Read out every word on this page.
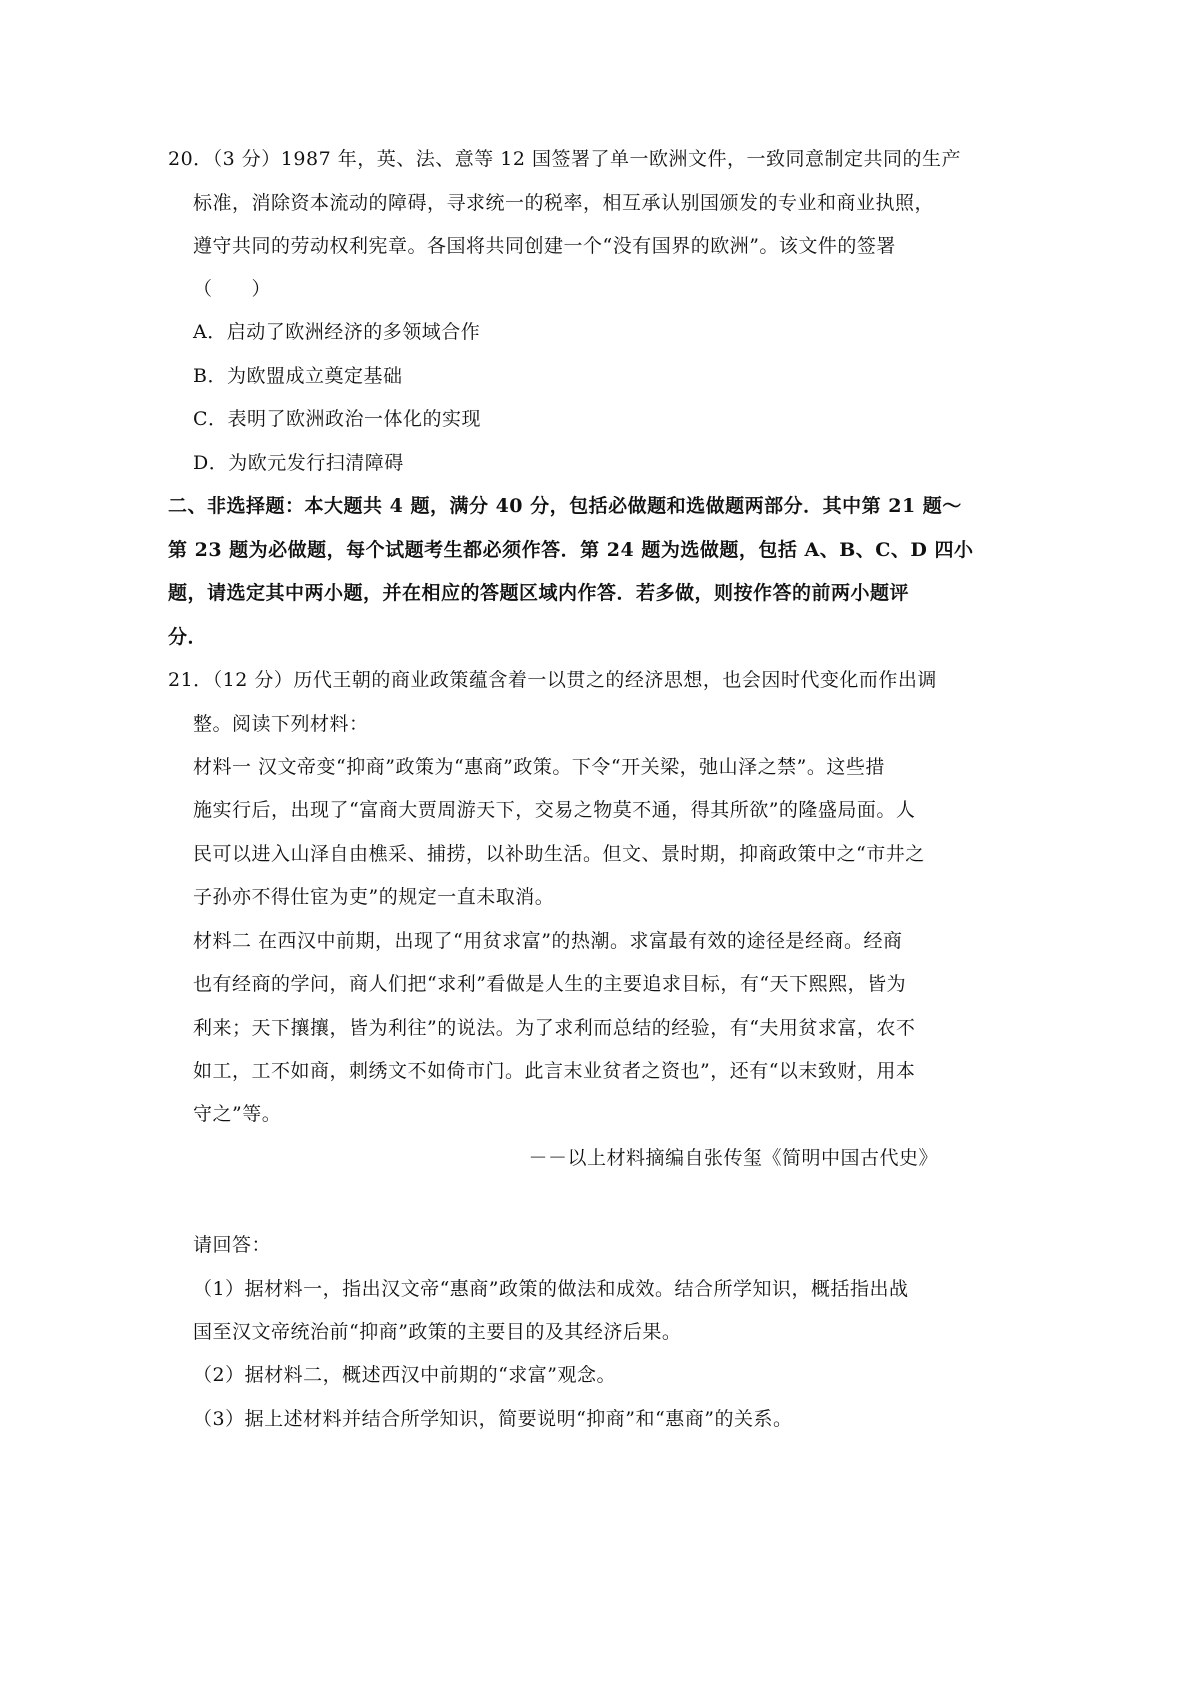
20．（3 分）1987 年，英、法、意等 12 国签署了单一欧洲文件，一致同意制定共同的生产
标准，消除资本流动的障碍，寻求统一的税率，相互承认别国颁发的专业和商业执照，
遵守共同的劳动权利宪章。各国将共同创建一个“没有国界的欧洲”。该文件的签署
（　　）
A．启动了欧洲经济的多领域合作
B．为欧盟成立奠定基础
C．表明了欧洲政治一体化的实现
D．为欧元发行扫清障碍
二、非选择题：本大题共 4 题，满分 40 分，包括必做题和选做题两部分．其中第 21 题～
第 23 题为必做题，每个试题考生都必须作答．第 24 题为选做题，包括 A、B、C、D 四小
题，请选定其中两小题，并在相应的答题区域内作答．若多做，则按作答的前两小题评
分．
21．（12 分）历代王朝的商业政策蕴含着一以贯之的经济思想，也会因时代变化而作出调
整。阅读下列材料：
材料一 汉文帝变“抑商”政策为“惠商”政策。下令“开关梁，弛山泽之禁”。这些措
施实行后，出现了“富商大贾周游天下，交易之物莫不通，得其所欲”的隆盛局面。人
民可以进入山泽自由樵采、捕捞，以补助生活。但文、景时期，抑商政策中之“市井之
子孙亦不得仕宦为吏”的规定一直未取消。
材料二 在西汉中前期，出现了“用贫求富”的热潮。求富最有效的途径是经商。经商
也有经商的学问，商人们把“求利”看做是人生的主要追求目标，有“天下熙熙，皆为
利来；天下攘攘，皆为利往”的说法。为了求利而总结的经验，有“夫用贫求富，农不
如工，工不如商，刺绣文不如倚市门。此言末业贫者之资也”，还有“以末致财，用本
守之”等。
－－以上材料摘编自张传玺《简明中国古代史》
请回答：
（1）据材料一，指出汉文帝“惠商”政策的做法和成效。结合所学知识，概括指出战
国至汉文帝统治前“抑商”政策的主要目的及其经济后果。
（2）据材料二，概述西汉中前期的“求富”观念。
（3）据上述材料并结合所学知识，简要说明“抑商”和“惠商”的关系。
